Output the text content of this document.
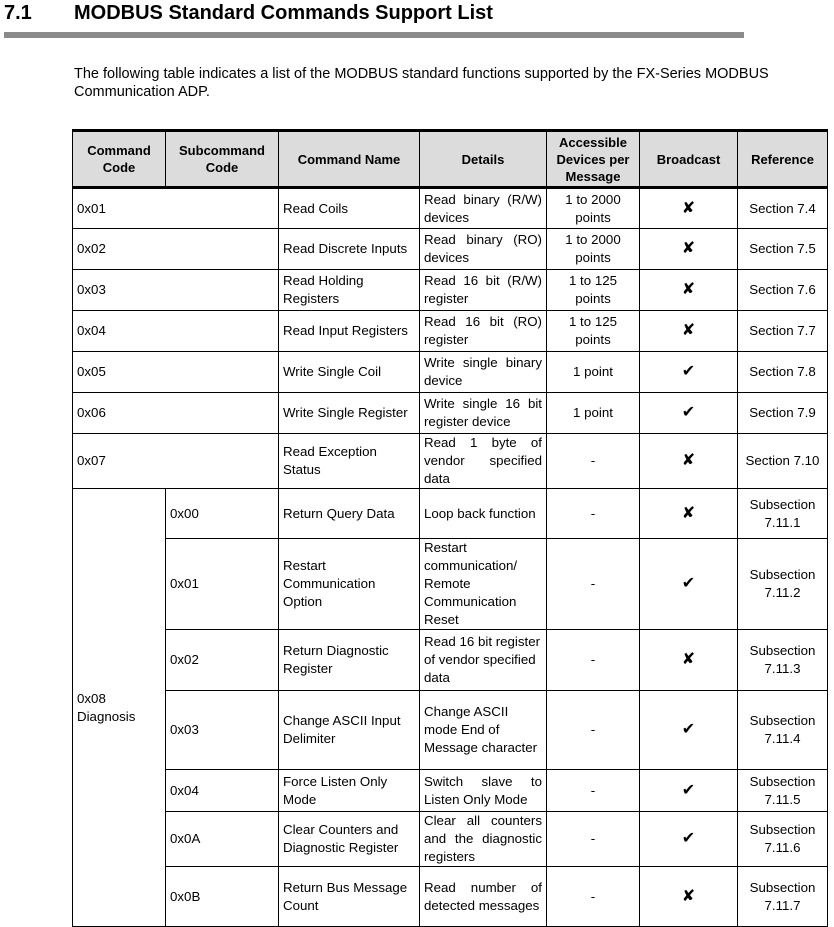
7.1 MODBUS Standard Commands Support List
The following table indicates a list of the MODBUS standard functions supported by the FX-Series MODBUS
Communication ADP.
Command Code	Subcommand Code	Command Name	Details	Accessible Devices per Message	Broadcast	Reference
0x01		Read Coils	Read binary (R/W) devices	1 to 2000 points	✘	Section 7.4
0x02		Read Discrete Inputs	Read binary (RO) devices	1 to 2000 points	✘	Section 7.5
0x03		Read Holding Registers	Read 16 bit (R/W) register	1 to 125 points	✘	Section 7.6
0x04		Read Input Registers	Read 16 bit (RO) register	1 to 125 points	✘	Section 7.7
0x05		Write Single Coil	Write single binary device	1 point	✔	Section 7.8
0x06		Write Single Register	Write single 16 bit register device	1 point	✔	Section 7.9
0x07		Read Exception Status	Read 1 byte of vendor specified data	-	✘	Section 7.10

0x08
Diagnosis	0x00	Return Query Data	Loop back function	-	✘	Subsection 7.11.1
	0x01	Restart Communication Option	Restart communication/ Remote Communication Reset	-	✔	Subsection 7.11.2
	0x02	Return Diagnostic Register	Read 16 bit register of vendor specified data	-	✘	Subsection 7.11.3
	0x03	Change ASCII Input Delimiter	Change ASCII mode End of Message character	-	✔	Subsection 7.11.4
	0x04	Force Listen Only Mode	Switch slave to Listen Only Mode	-	✔	Subsection 7.11.5
	0x0A	Clear Counters and Diagnostic Register	Clear all counters and the diagnostic registers	-	✔	Subsection 7.11.6
	0x0B	Return Bus Message Count	Read number of detected messages	-	✘	Subsection 7.11.7
